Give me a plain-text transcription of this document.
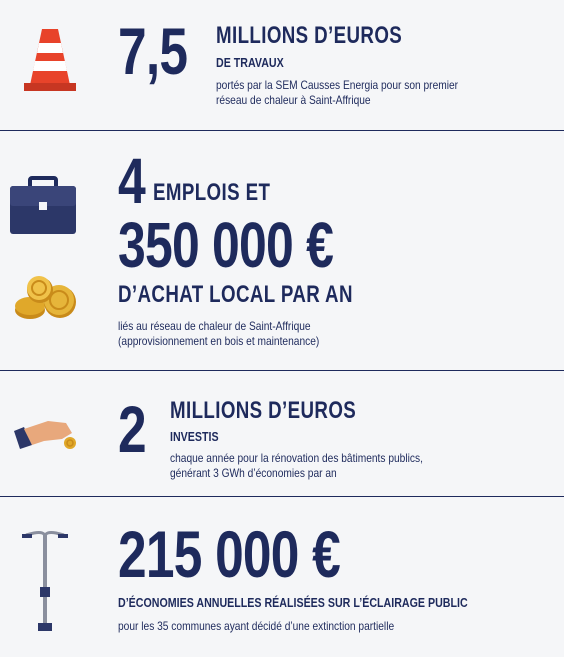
7,5 MILLIONS D’EUROS
DE TRAVAUX
portés par la SEM Causses Energia pour son premier
réseau de chaleur à Saint-Affrique
4 EMPLOIS ET
350 000 €
D’ACHAT LOCAL PAR AN
liés au réseau de chaleur de Saint-Affrique
(approvisionnement en bois et maintenance)
2 MILLIONS D’EUROS
INVESTIS
chaque année pour la rénovation des bâtiments publics,
générant 3 GWh d’économies par an
215 000 €
D’ÉCONOMIES ANNUELLES RÉALISÉES SUR L’ÉCLAIRAGE PUBLIC
pour les 35 communes ayant décidé d’une extinction partielle
